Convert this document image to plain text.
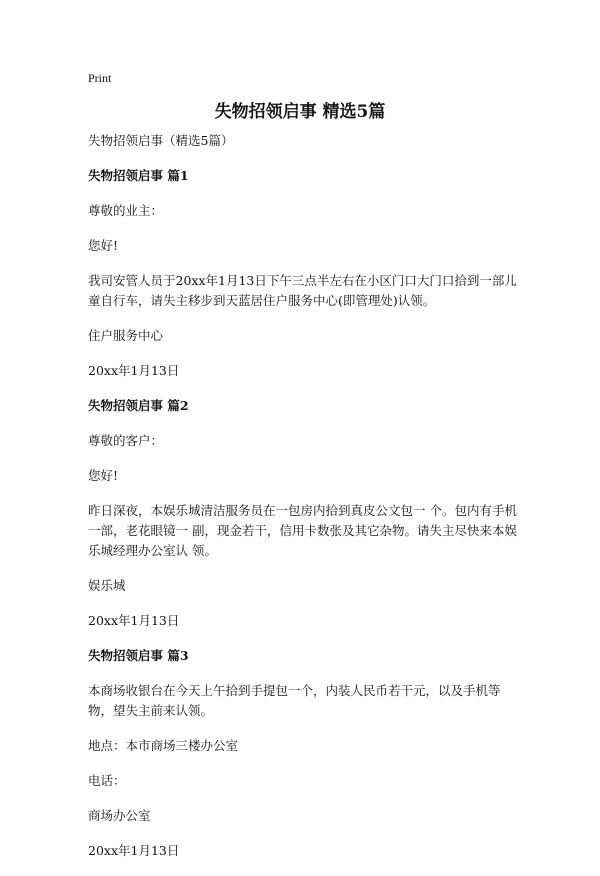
Print
失物招领启事 精选5篇

失物招领启事（精选5篇）

失物招领启事 篇1

尊敬的业主：

您好!

我司安管人员于20xx年1月13日下午三点半左右在小区门口大门口拾到一部儿童自行车，请失主移步到天蓝居住户服务中心(即管理处)认领。

住户服务中心

20xx年1月13日

失物招领启事 篇2

尊敬的客户：

您好!

昨日深夜，本娱乐城清洁服务员在一包房内拾到真皮公文包一 个。包内有手机一部，老花眼镜一 副，现金若干，信用卡数张及其它杂物。请失主尽快来本娱乐城经理办公室认 领。

娱乐城

20xx年1月13日

失物招领启事 篇3

本商场收银台在今天上午拾到手提包一个，内装人民币若干元，以及手机等物，望失主前来认领。

地点：本市商场三楼办公室

电话：

商场办公室

20xx年1月13日
